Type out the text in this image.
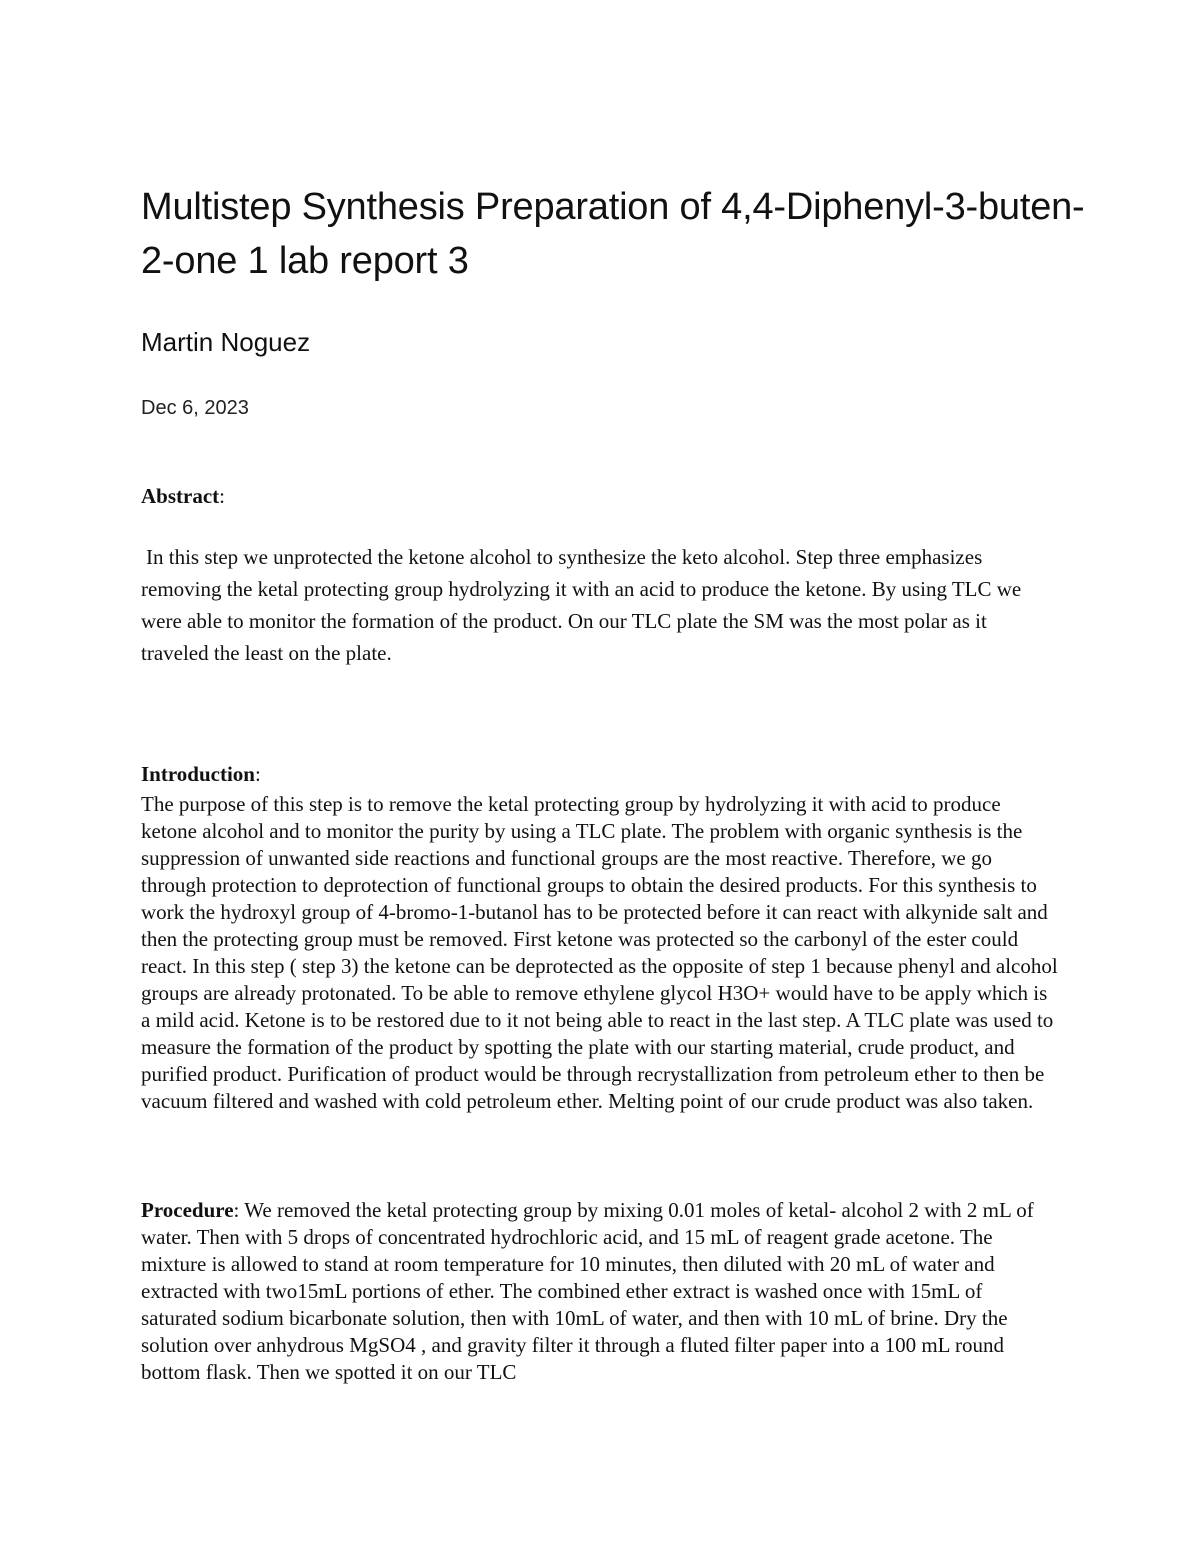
Multistep Synthesis Preparation of 4,4-Diphenyl-3-buten-2-one 1 lab report 3
Martin Noguez
Dec 6, 2023
Abstract:

In this step we unprotected the ketone alcohol to synthesize the keto alcohol. Step three emphasizes removing the ketal protecting group hydrolyzing it with an acid to produce the ketone. By using TLC we were able to monitor the formation of the product. On our TLC plate the SM was the most polar as it traveled the least on the plate.

Introduction:

The purpose of this step is to remove the ketal protecting group by hydrolyzing it with acid to produce ketone alcohol and to monitor the purity by using a TLC plate. The problem with organic synthesis is the suppression of unwanted side reactions and functional groups are the most reactive. Therefore, we go through protection to deprotection of functional groups to obtain the desired products. For this synthesis to work the hydroxyl group of 4-bromo-1-butanol has to be protected before it can react with alkynide salt and then the protecting group must be removed. First ketone was protected so the carbonyl of the ester could react. In this step ( step 3) the ketone can be deprotected as the opposite of step 1 because phenyl and alcohol groups are already protonated. To be able to remove ethylene glycol H3O+ would have to be apply which is a mild acid. Ketone is to be restored due to it not being able to react in the last step. A TLC plate was used to measure the formation of the product by spotting the plate with our starting material, crude product, and purified product. Purification of product would be through recrystallization from petroleum ether to then be vacuum filtered and washed with cold petroleum ether. Melting point of our crude product was also taken.

Procedure: We removed the ketal protecting group by mixing 0.01 moles of ketal- alcohol 2 with 2 mL of water. Then with 5 drops of concentrated hydrochloric acid, and 15 mL of reagent grade acetone. The mixture is allowed to stand at room temperature for 10 minutes, then diluted with 20 mL of water and extracted with two15mL portions of ether. The combined ether extract is washed once with 15mL of saturated sodium bicarbonate solution, then with 10mL of water, and then with 10 mL of brine. Dry the solution over anhydrous MgSO4 , and gravity filter it through a fluted filter paper into a 100 mL round bottom flask. Then we spotted it on our TLC
